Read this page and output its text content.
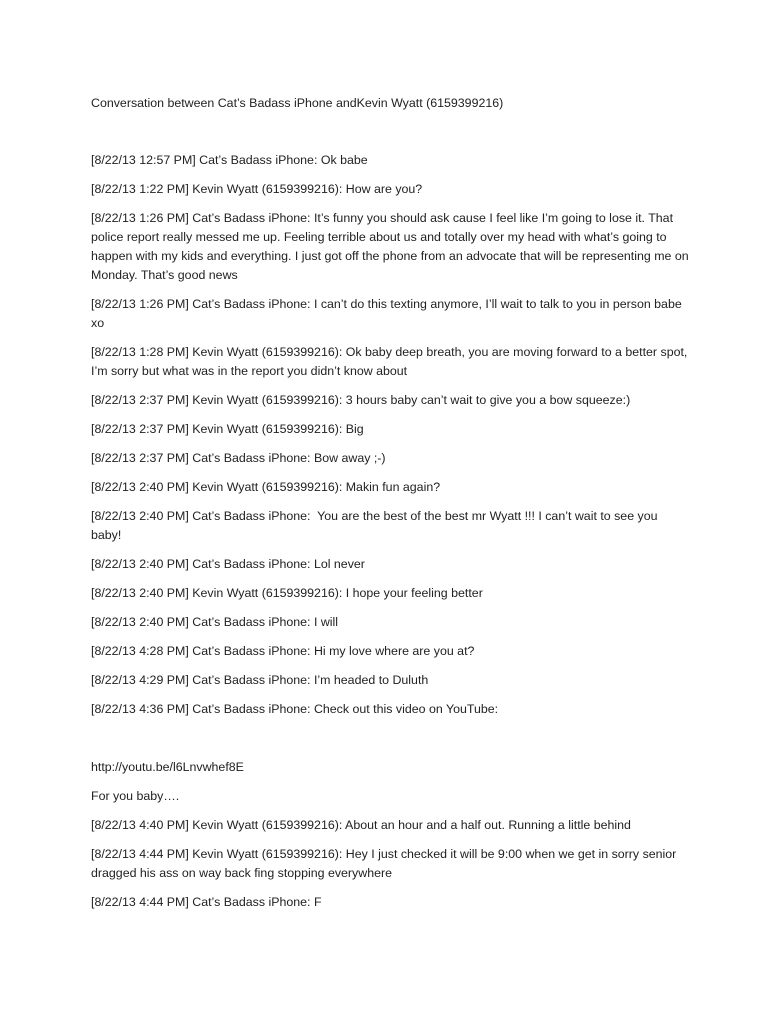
Conversation between Cat’s Badass iPhone andKevin Wyatt (6159399216)

[8/22/13 12:57 PM] Cat’s Badass iPhone: Ok babe

[8/22/13 1:22 PM] Kevin Wyatt (6159399216): How are you?

[8/22/13 1:26 PM] Cat’s Badass iPhone: It’s funny you should ask cause I feel like I’m going to lose it. That police report really messed me up. Feeling terrible about us and totally over my head with what’s going to happen with my kids and everything. I just got off the phone from an advocate that will be representing me on Monday. That’s good news

[8/22/13 1:26 PM] Cat’s Badass iPhone: I can’t do this texting anymore, I’ll wait to talk to you in person babe xo

[8/22/13 1:28 PM] Kevin Wyatt (6159399216): Ok baby deep breath, you are moving forward to a better spot, I’m sorry but what was in the report you didn’t know about

[8/22/13 2:37 PM] Kevin Wyatt (6159399216): 3 hours baby can’t wait to give you a bow squeeze:)

[8/22/13 2:37 PM] Kevin Wyatt (6159399216): Big

[8/22/13 2:37 PM] Cat’s Badass iPhone: Bow away ;-)

[8/22/13 2:40 PM] Kevin Wyatt (6159399216): Makin fun again?

[8/22/13 2:40 PM] Cat’s Badass iPhone:  You are the best of the best mr Wyatt !!! I can’t wait to see you baby!

[8/22/13 2:40 PM] Cat’s Badass iPhone: Lol never

[8/22/13 2:40 PM] Kevin Wyatt (6159399216): I hope your feeling better

[8/22/13 2:40 PM] Cat’s Badass iPhone: I will

[8/22/13 4:28 PM] Cat’s Badass iPhone: Hi my love where are you at?

[8/22/13 4:29 PM] Cat’s Badass iPhone: I’m headed to Duluth

[8/22/13 4:36 PM] Cat’s Badass iPhone: Check out this video on YouTube:

http://youtu.be/l6Lnvwhef8E

For you baby….

[8/22/13 4:40 PM] Kevin Wyatt (6159399216): About an hour and a half out. Running a little behind

[8/22/13 4:44 PM] Kevin Wyatt (6159399216): Hey I just checked it will be 9:00 when we get in sorry senior dragged his ass on way back fing stopping everywhere

[8/22/13 4:44 PM] Cat’s Badass iPhone: F
